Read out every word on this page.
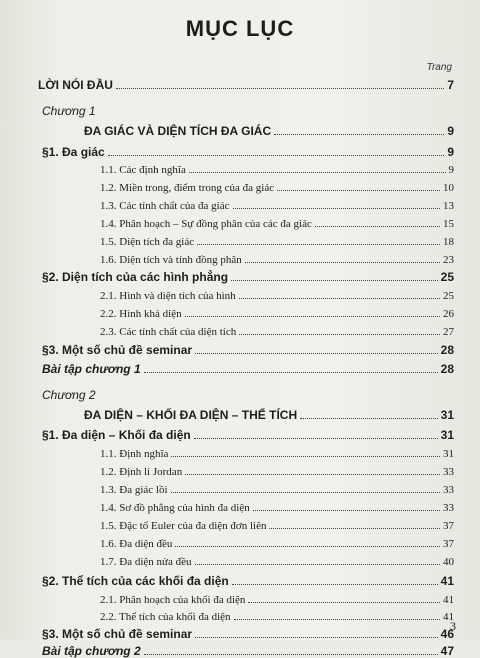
MỤC LỤC
Trang
LỜI NÓI ĐẦU	7
Chương 1
ĐA GIÁC VÀ DIỆN TÍCH ĐA GIÁC	9
§1. Đa giác	9
1.1. Các định nghĩa	9
1.2. Miền trong, điểm trong của đa giác	10
1.3. Các tính chất của đa giác	13
1.4. Phân hoạch – Sự đồng phân của các đa giác	15
1.5. Diện tích đa giác	18
1.6. Diện tích và tính đồng phân	23
§2. Diện tích của các hình phẳng	25
2.1. Hình và diện tích của hình	25
2.2. Hình khả diện	26
2.3. Các tính chất của diện tích	27
§3. Một số chủ đề seminar	28
Bài tập chương 1	28
Chương 2
ĐA DIỆN – KHỐI ĐA DIỆN – THỂ TÍCH	31
§1. Đa diện – Khối đa diện	31
1.1. Định nghĩa	31
1.2. Định lí Jordan	33
1.3. Đa giác lồi	33
1.4. Sơ đồ phẳng của hình đa diện	33
1.5. Đặc tố Euler của đa diện đơn liên	37
1.6. Đa diện đều	37
1.7. Đa diện nửa đều	40
§2. Thể tích của các khối đa diện	41
2.1. Phân hoạch của khối đa diện	41
2.2. Thể tích của khối đa diện	41
§3. Một số chủ đề seminar	46
Bài tập chương 2	47
3
